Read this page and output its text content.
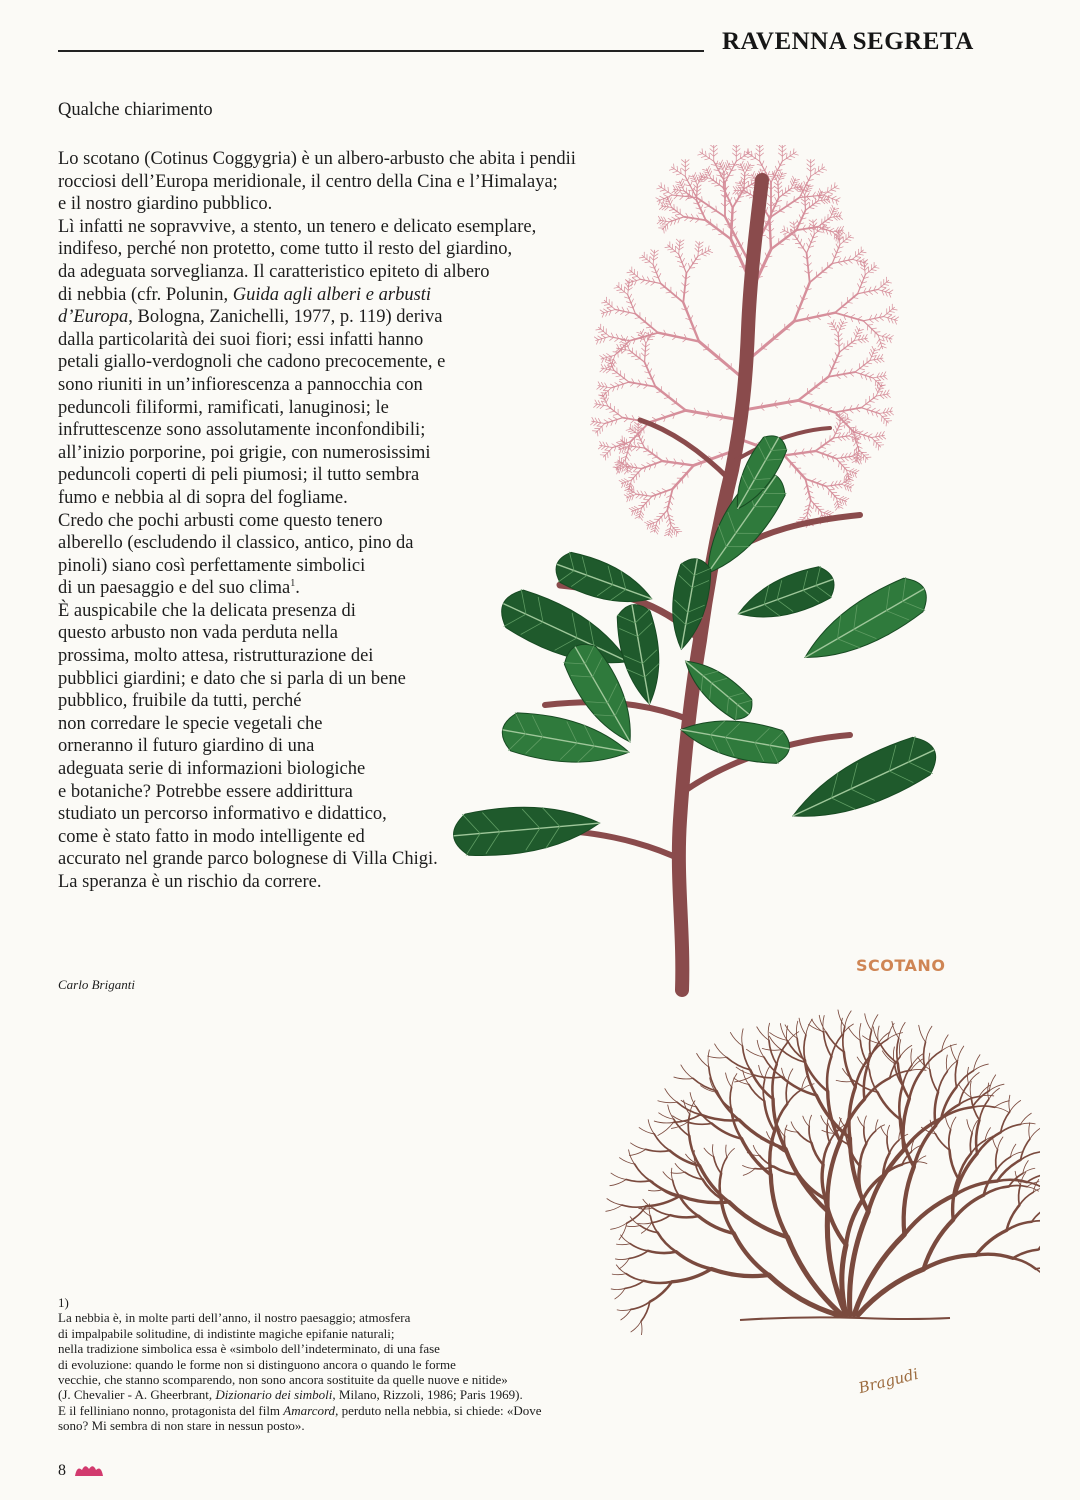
RAVENNA SEGRETA
Qualche chiarimento
Lo scotano (Cotinus Coggygria) è un albero-arbusto che abita i pendii
rocciosi dell’Europa meridionale, il centro della Cina e l’Himalaya;
e il nostro giardino pubblico.
Lì infatti ne sopravvive, a stento, un tenero e delicato esemplare,
indifeso, perché non protetto, come tutto il resto del giardino,
da adeguata sorveglianza. Il caratteristico epiteto di albero
di nebbia (cfr. Polunin, Guida agli alberi e arbusti
d’Europa, Bologna, Zanichelli, 1977, p. 119) deriva
dalla particolarità dei suoi fiori; essi infatti hanno
petali giallo-verdognoli che cadono precocemente, e
sono riuniti in un’infiorescenza a pannocchia con
peduncoli filiformi, ramificati, lanuginosi; le
infruttescenze sono assolutamente inconfondibili;
all’inizio porporine, poi grigie, con numerosissimi
peduncoli coperti di peli piumosi; il tutto sembra
fumo e nebbia al di sopra del fogliame.
Credo che pochi arbusti come questo tenero
alberello (escludendo il classico, antico, pino da
pinoli) siano così perfettamente simbolici
di un paesaggio e del suo clima$^1$.
È auspicabile che la delicata presenza di
questo arbusto non vada perduta nella
prossima, molto attesa, ristrutturazione dei
pubblici giardini; e dato che si parla di un bene
pubblico, fruibile da tutti, perché
non corredare le specie vegetali che
orneranno il futuro giardino di una
adeguata serie di informazioni biologiche
e botaniche? Potrebbe essere addirittura
studiato un percorso informativo e didattico,
come è stato fatto in modo intelligente ed
accurato nel grande parco bolognese di Villa Chigi.
La speranza è un rischio da correre.
SCOTANO
Bragudi
Carlo Briganti
1)
La nebbia è, in molte parti dell’anno, il nostro paesaggio; atmosfera
di impalpabile solitudine, di indistinte magiche epifanie naturali;
nella tradizione simbolica essa è «simbolo dell’indeterminato, di una fase
di evoluzione: quando le forme non si distinguono ancora o quando le forme
vecchie, che stanno scomparendo, non sono ancora sostituite da quelle nuove e nitide»
(J. Chevalier - A. Gheerbrant, Dizionario dei simboli, Milano, Rizzoli, 1986; Paris 1969).
E il felliniano nonno, protagonista del film Amarcord, perduto nella nebbia, si chiede: «Dove
sono? Mi sembra di non stare in nessun posto».
8
